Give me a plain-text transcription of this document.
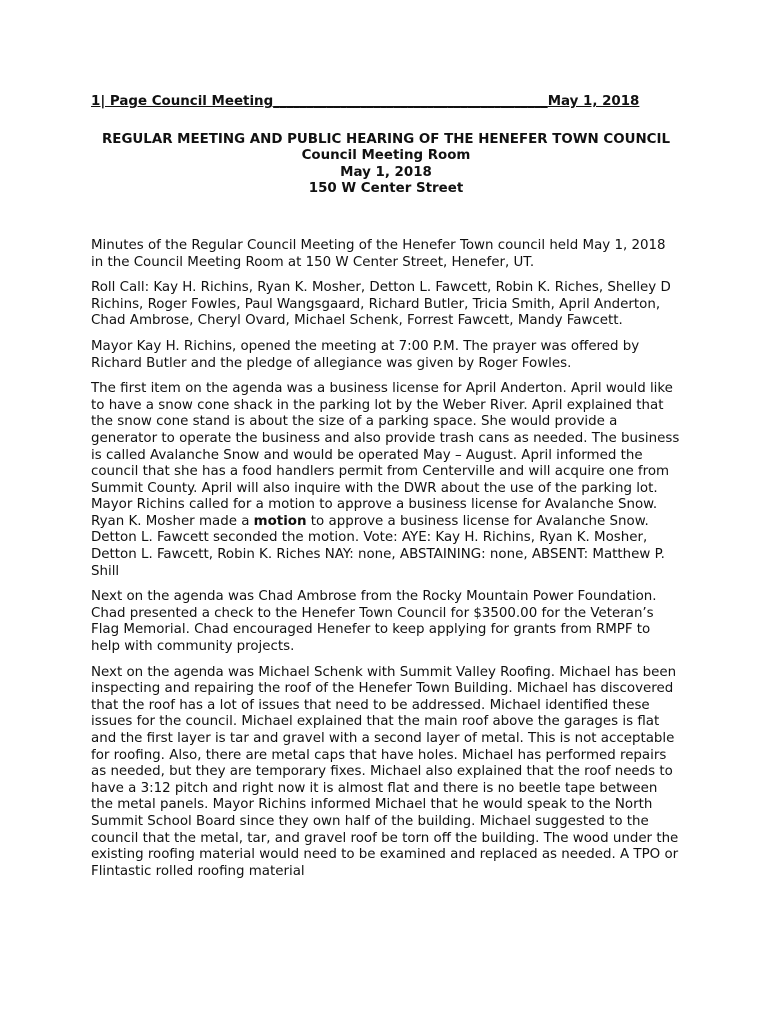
1| Page Council Meeting_________________________________________May 1, 2018
REGULAR MEETING AND PUBLIC HEARING OF THE HENEFER TOWN COUNCIL
Council Meeting Room
May 1, 2018
150 W Center Street

Minutes of the Regular Council Meeting of the Henefer Town council held May 1, 2018 in the Council Meeting Room at 150 W Center Street, Henefer, UT.

Roll Call: Kay H. Richins, Ryan K. Mosher, Detton L. Fawcett, Robin K. Riches, Shelley D Richins, Roger Fowles, Paul Wangsgaard, Richard Butler, Tricia Smith, April Anderton, Chad Ambrose, Cheryl Ovard, Michael Schenk, Forrest Fawcett, Mandy Fawcett.

Mayor Kay H. Richins, opened the meeting at 7:00 P.M. The prayer was offered by Richard Butler and the pledge of allegiance was given by Roger Fowles.

The first item on the agenda was a business license for April Anderton. April would like to have a snow cone shack in the parking lot by the Weber River. April explained that the snow cone stand is about the size of a parking space. She would provide a generator to operate the business and also provide trash cans as needed. The business is called Avalanche Snow and would be operated May – August. April informed the council that she has a food handlers permit from Centerville and will acquire one from Summit County. April will also inquire with the DWR about the use of the parking lot. Mayor Richins called for a motion to approve a business license for Avalanche Snow. Ryan K. Mosher made a motion to approve a business license for Avalanche Snow. Detton L. Fawcett seconded the motion. Vote: AYE: Kay H. Richins, Ryan K. Mosher, Detton L. Fawcett, Robin K. Riches NAY: none, ABSTAINING: none, ABSENT: Matthew P. Shill

Next on the agenda was Chad Ambrose from the Rocky Mountain Power Foundation. Chad presented a check to the Henefer Town Council for $3500.00 for the Veteran’s Flag Memorial. Chad encouraged Henefer to keep applying for grants from RMPF to help with community projects.

Next on the agenda was Michael Schenk with Summit Valley Roofing. Michael has been inspecting and repairing the roof of the Henefer Town Building. Michael has discovered that the roof has a lot of issues that need to be addressed. Michael identified these issues for the council. Michael explained that the main roof above the garages is flat and the first layer is tar and gravel with a second layer of metal. This is not acceptable for roofing. Also, there are metal caps that have holes. Michael has performed repairs as needed, but they are temporary fixes. Michael also explained that the roof needs to have a 3:12 pitch and right now it is almost flat and there is no beetle tape between the metal panels. Mayor Richins informed Michael that he would speak to the North Summit School Board since they own half of the building. Michael suggested to the council that the metal, tar, and gravel roof be torn off the building. The wood under the existing roofing material would need to be examined and replaced as needed. A TPO or Flintastic rolled roofing material
